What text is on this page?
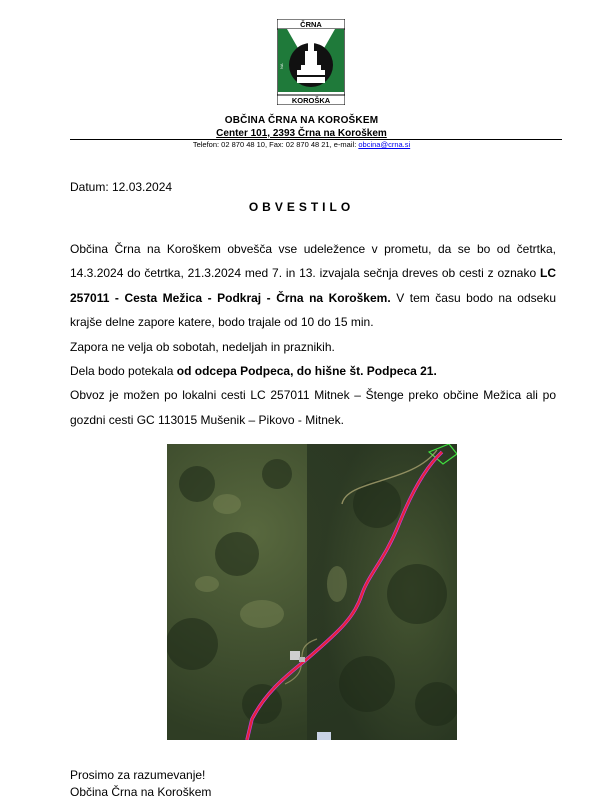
ČRNA
NA
KOROŠKA
OBČINA ČRNA NA KOROŠKEM
Center 101, 2393 Črna na Koroškem
Telefon: 02 870 48 10, Fax: 02 870 48 21, e-mail: obcina@crna.si
Datum: 12.03.2024
OBVESTILO

Občina Črna na Koroškem obvešča vse udeležence v prometu, da se bo od četrtka, 14.3.2024 do četrtka, 21.3.2024 med 7. in 13. izvajala sečnja dreves ob cesti z oznako LC 257011 - Cesta Mežica - Podkraj - Črna na Koroškem. V tem času bodo na odseku krajše delne zapore katere, bodo trajale od 10 do 15 min.

Zapora ne velja ob sobotah, nedeljah in praznikih.

Dela bodo potekala od odcepa Podpeca, do hišne št. Podpeca 21.

Obvoz je možen po lokalni cesti LC 257011 Mitnek – Štenge preko občine Mežica ali po gozdni cesti GC 113015 Mušenik – Pikovo - Mitnek.

Prosimo za razumevanje!
Občina Črna na Koroškem
